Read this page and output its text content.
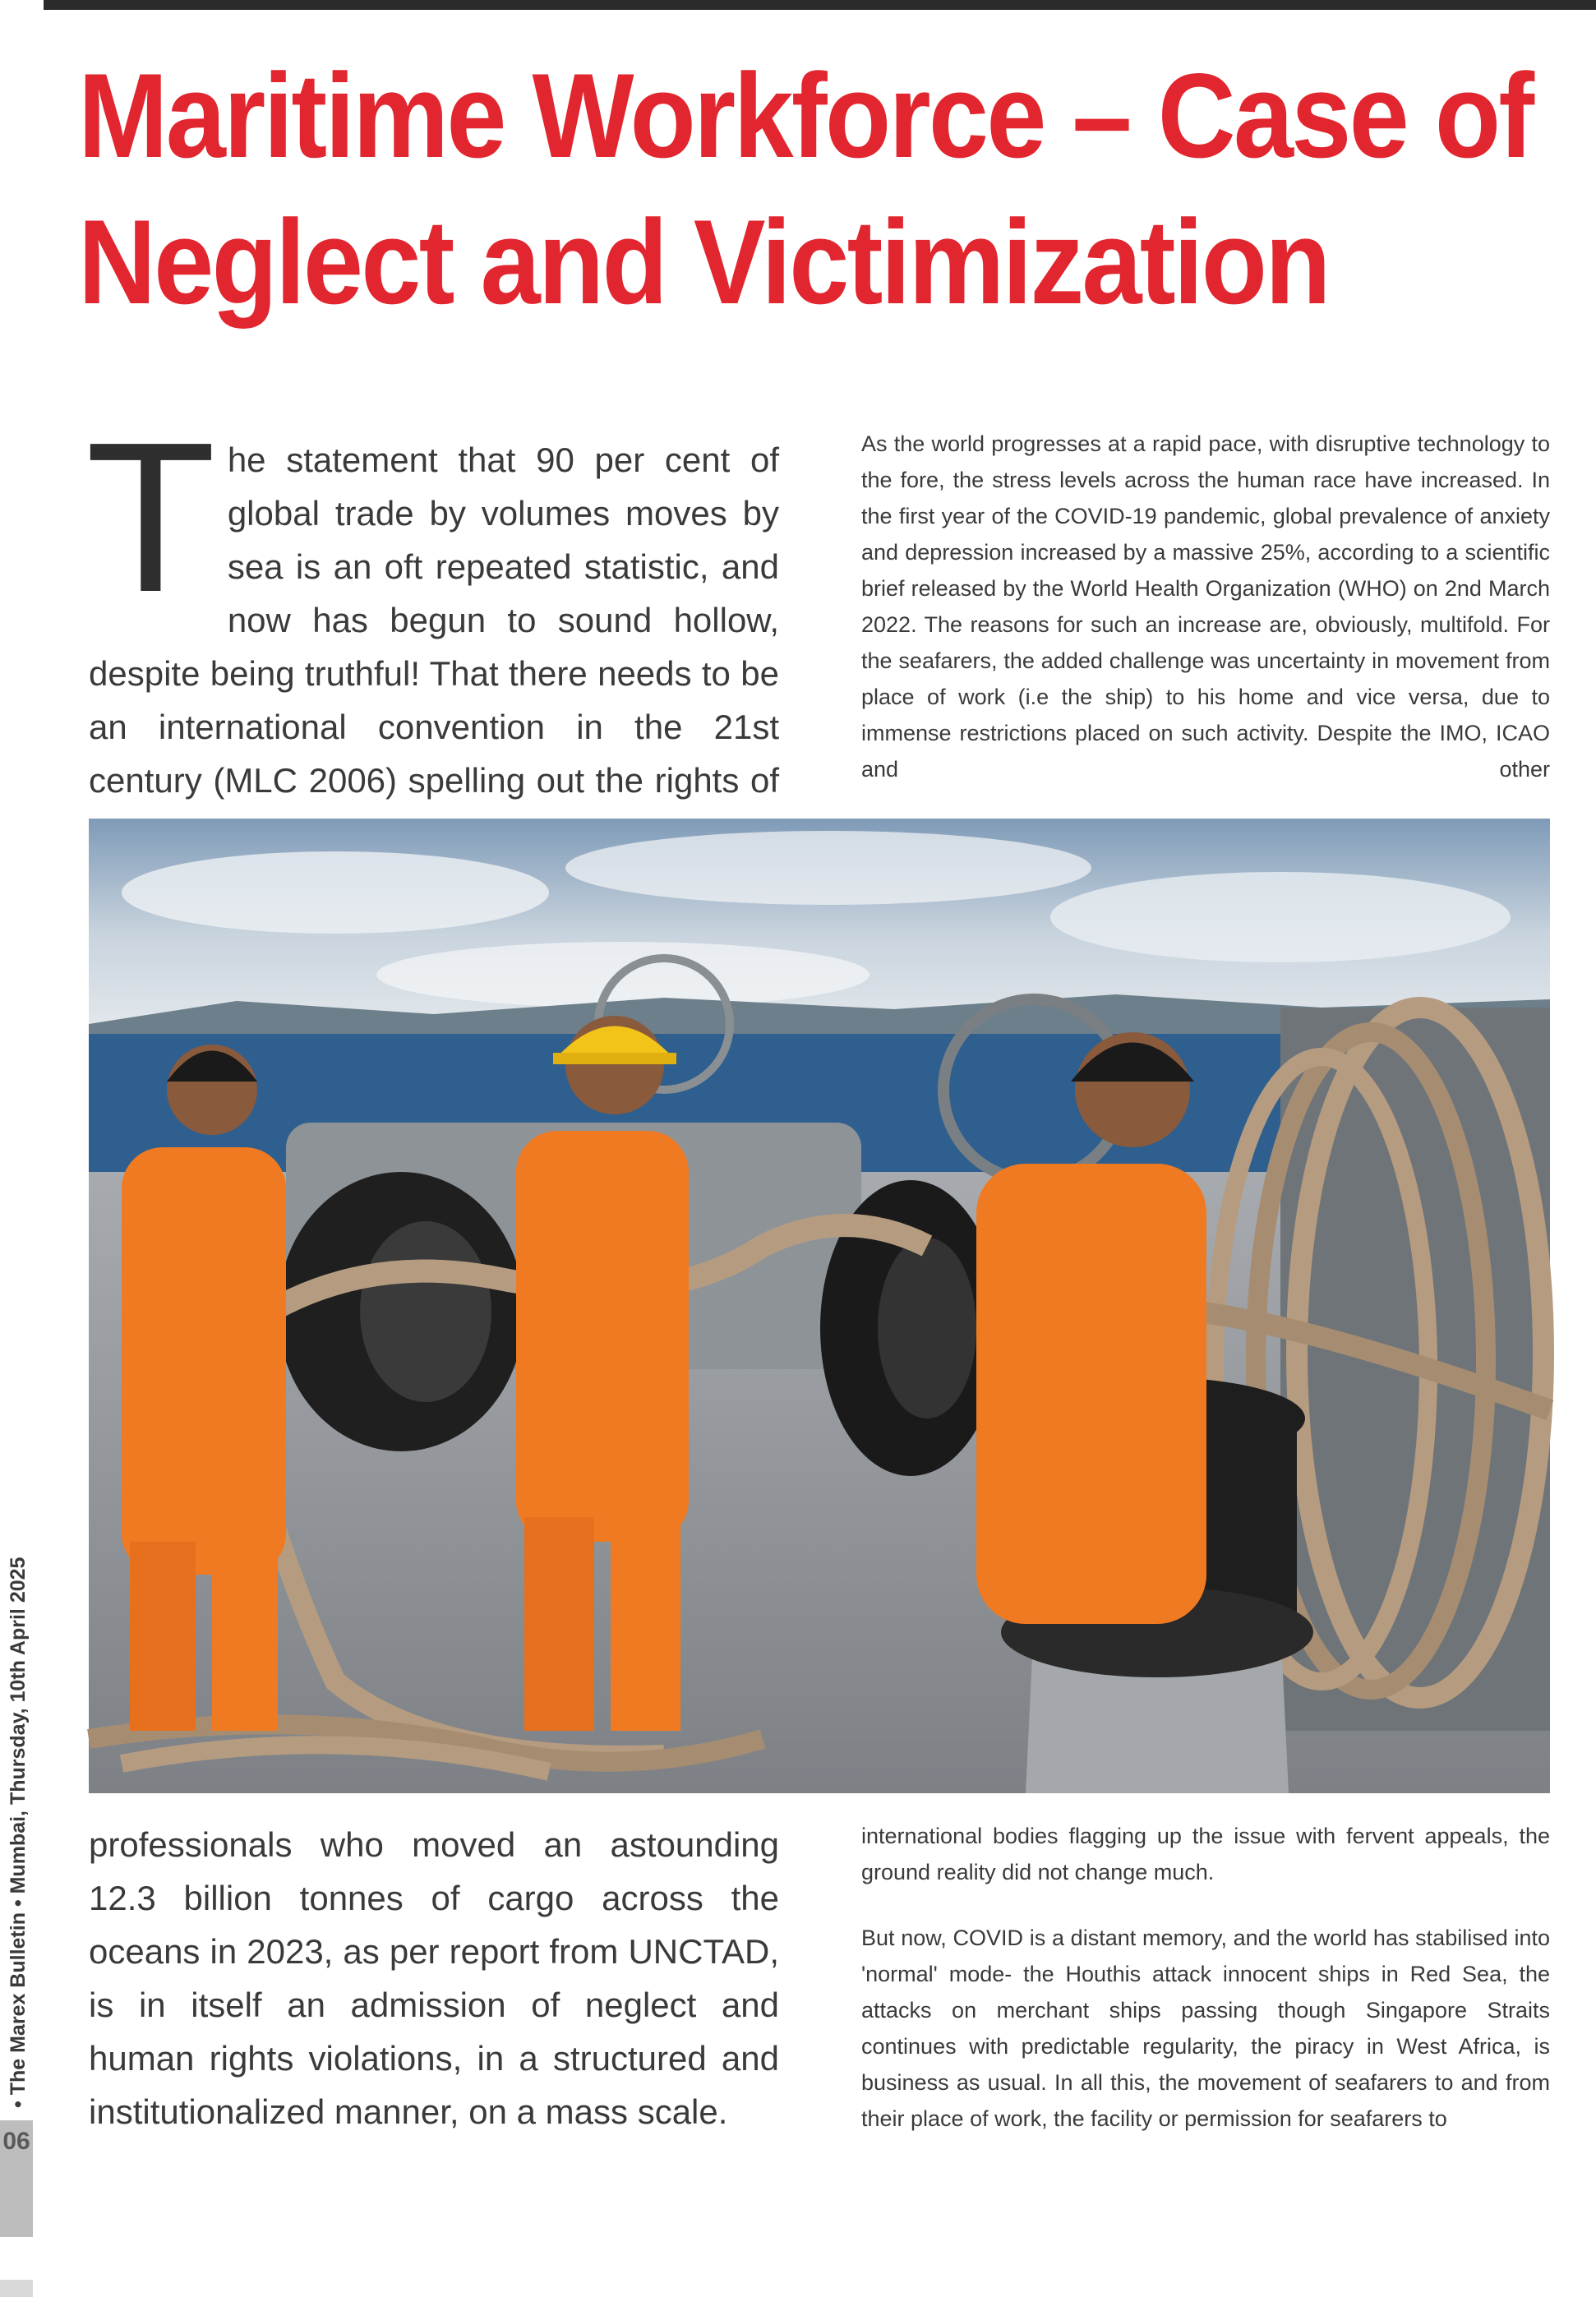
Maritime Workforce – Case of
Neglect and Victimization
T he statement that 90 per cent of global trade by volumes moves by sea is an oft repeated statistic, and now has begun to sound hollow, despite being truthful! That there needs to be an international convention in the 21st century (MLC 2006) spelling out the rights of
As the world progresses at a rapid pace, with disruptive technology to the fore, the stress levels across the human race have increased. In the first year of the COVID-19 pandemic, global prevalence of anxiety and depression increased by a massive 25%, according to a scientific brief released by the World Health Organization (WHO) on 2nd March 2022. The reasons for such an increase are, obviously, multifold. For the seafarers, the added challenge was uncertainty in movement from place of work (i.e the ship) to his home and vice versa, due to immense restrictions placed on such activity. Despite the IMO, ICAO and other
professionals who moved an astounding 12.3 billion tonnes of cargo across the oceans in 2023, as per report from UNCTAD, is in itself an admission of neglect and human rights violations, in a structured and institutionalized manner, on a mass scale.

international bodies flagging up the issue with fervent appeals, the ground reality did not change much.

But now, COVID is a distant memory, and the world has stabilised into 'normal' mode- the Houthis attack innocent ships in Red Sea, the attacks on merchant ships passing though Singapore Straits continues with predictable regularity, the piracy in West Africa, is business as usual. In all this, the movement of seafarers to and from their place of work, the facility or permission for seafarers to

06
• The Marex Bulletin • Mumbai, Thursday, 10th April 2025
